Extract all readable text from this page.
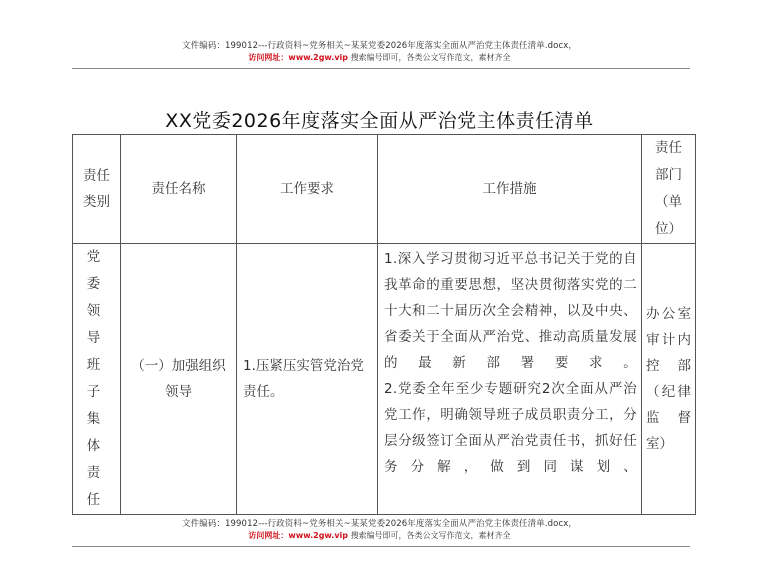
文件编码：199012---行政资料~党务相关~某某党委2026年度落实全面从严治党主体责任清单.docx，
访问网址：www.2gw.vip 搜索编号即可，各类公文写作范文，素材齐全
XX党委2026年度落实全面从严治党主体责任清单
责任类别	责任名称	工作要求	工作措施	责任部门（单位）
党委领导班子集体责任	（一）加强组织领导	1.压紧压实管党治党责任。	1.深入学习贯彻习近平总书记关于党的自我革命的重要思想，坚决贯彻落实党的二十大和二十届历次全会精神，以及中央、省委关于全面从严治党、推动高质量发展的最新部署要求。

2.党委全年至少专题研究2次全面从严治党工作，明确领导班子成员职责分工，分层分级签订全面从严治党责任书，抓好任务分解，做到同谋划、	办公室审计内控部（纪律监督室）
文件编码：199012---行政资料~党务相关~某某党委2026年度落实全面从严治党主体责任清单.docx，
访问网址：www.2gw.vip 搜索编号即可，各类公文写作范文，素材齐全
